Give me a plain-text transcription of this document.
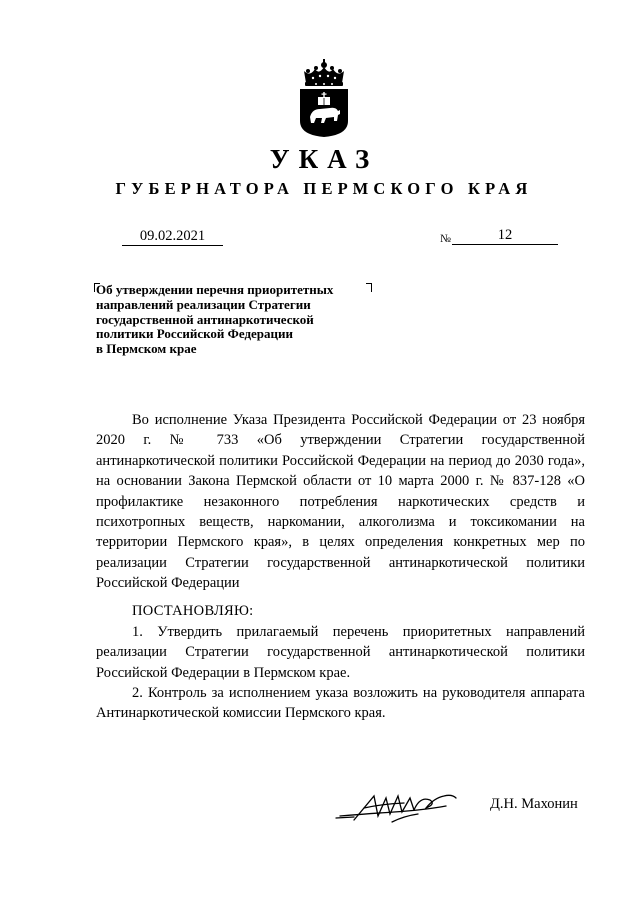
УКАЗ
ГУБЕРНАТОРА ПЕРМСКОГО КРАЯ
09.02.2021	№	12
Об утверждении перечня приоритетных
направлений реализации Стратегии
государственной антинаркотической
политики Российской Федерации
в Пермском крае

Во исполнение Указа Президента Российской Федерации от 23 ноября 2020 г. № 733 «Об утверждении Стратегии государственной антинаркотической политики Российской Федерации на период до 2030 года», на основании Закона Пермской области от 10 марта 2000 г. № 837-128 «О профилактике незаконного потребления наркотических средств и психотропных веществ, наркомании, алкоголизма и токсикомании на территории Пермского края», в целях определения конкретных мер по реализации Стратегии государственной антинаркотической политики Российской Федерации

ПОСТАНОВЛЯЮ:

1. Утвердить прилагаемый перечень приоритетных направлений реализации Стратегии государственной антинаркотической политики Российской Федерации в Пермском крае.

2. Контроль за исполнением указа возложить на руководителя аппарата Антинаркотической комиссии Пермского края.

Д.Н. Махонин
